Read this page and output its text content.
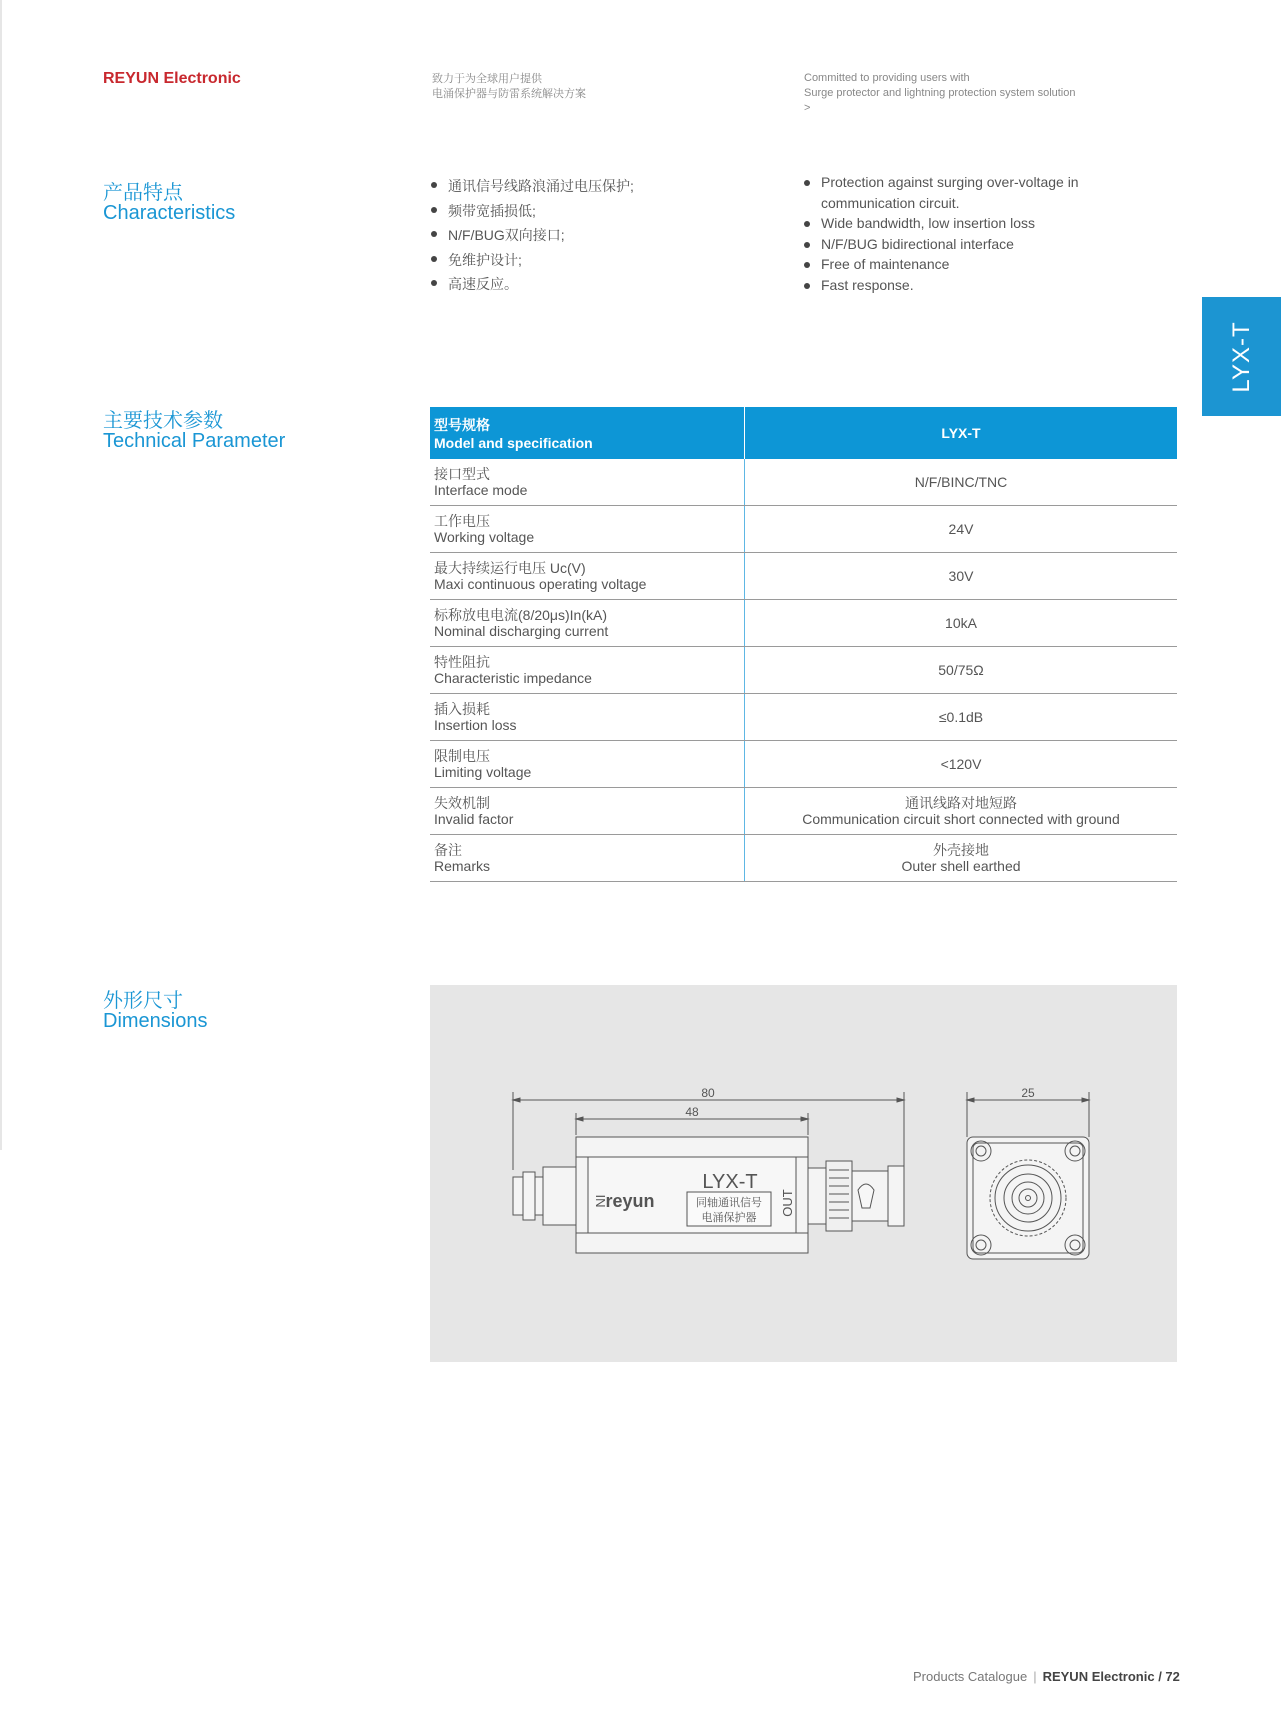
REYUN Electronic	致力于为全球用户提供
电涌保护器与防雷系统解决方案
Committed to providing users with
Surge protector and lightning protection system solution
>
LYX-T
产品特点
Characteristics
通讯信号线路浪涌过电压保护;
频带宽插损低;
N/F/BUG双向接口;
免维护设计;
高速反应。
Protection against surging over-voltage in communication circuit.
Wide bandwidth, low insertion loss
N/F/BUG bidirectional interface
Free of maintenance
Fast response.
主要技术参数
Technical Parameter
型号规格
Model and specification	LYX-T

接口型式
Interface mode	N/F/BINC/TNC

工作电压
Working voltage	24V

最大持续运行电压 Uc(V)
Maxi continuous operating voltage	30V

标称放电电流(8/20μs)In(kA)
Nominal discharging current	10kA

特性阻抗
Characteristic impedance	50/75Ω

插入损耗
Insertion loss	≤0.1dB

限制电压
Limiting voltage	<120V

失效机制
Invalid factor	通讯线路对地短路
Communication circuit short connected with ground

备注
Remarks	外壳接地
Outer shell earthed
外形尺寸
Dimensions
80
48
25
LYX-T
reyun	同轴通讯信号
电涌保护器
IN	OUT
Products Catalogue | REYUN Electronic / 72
